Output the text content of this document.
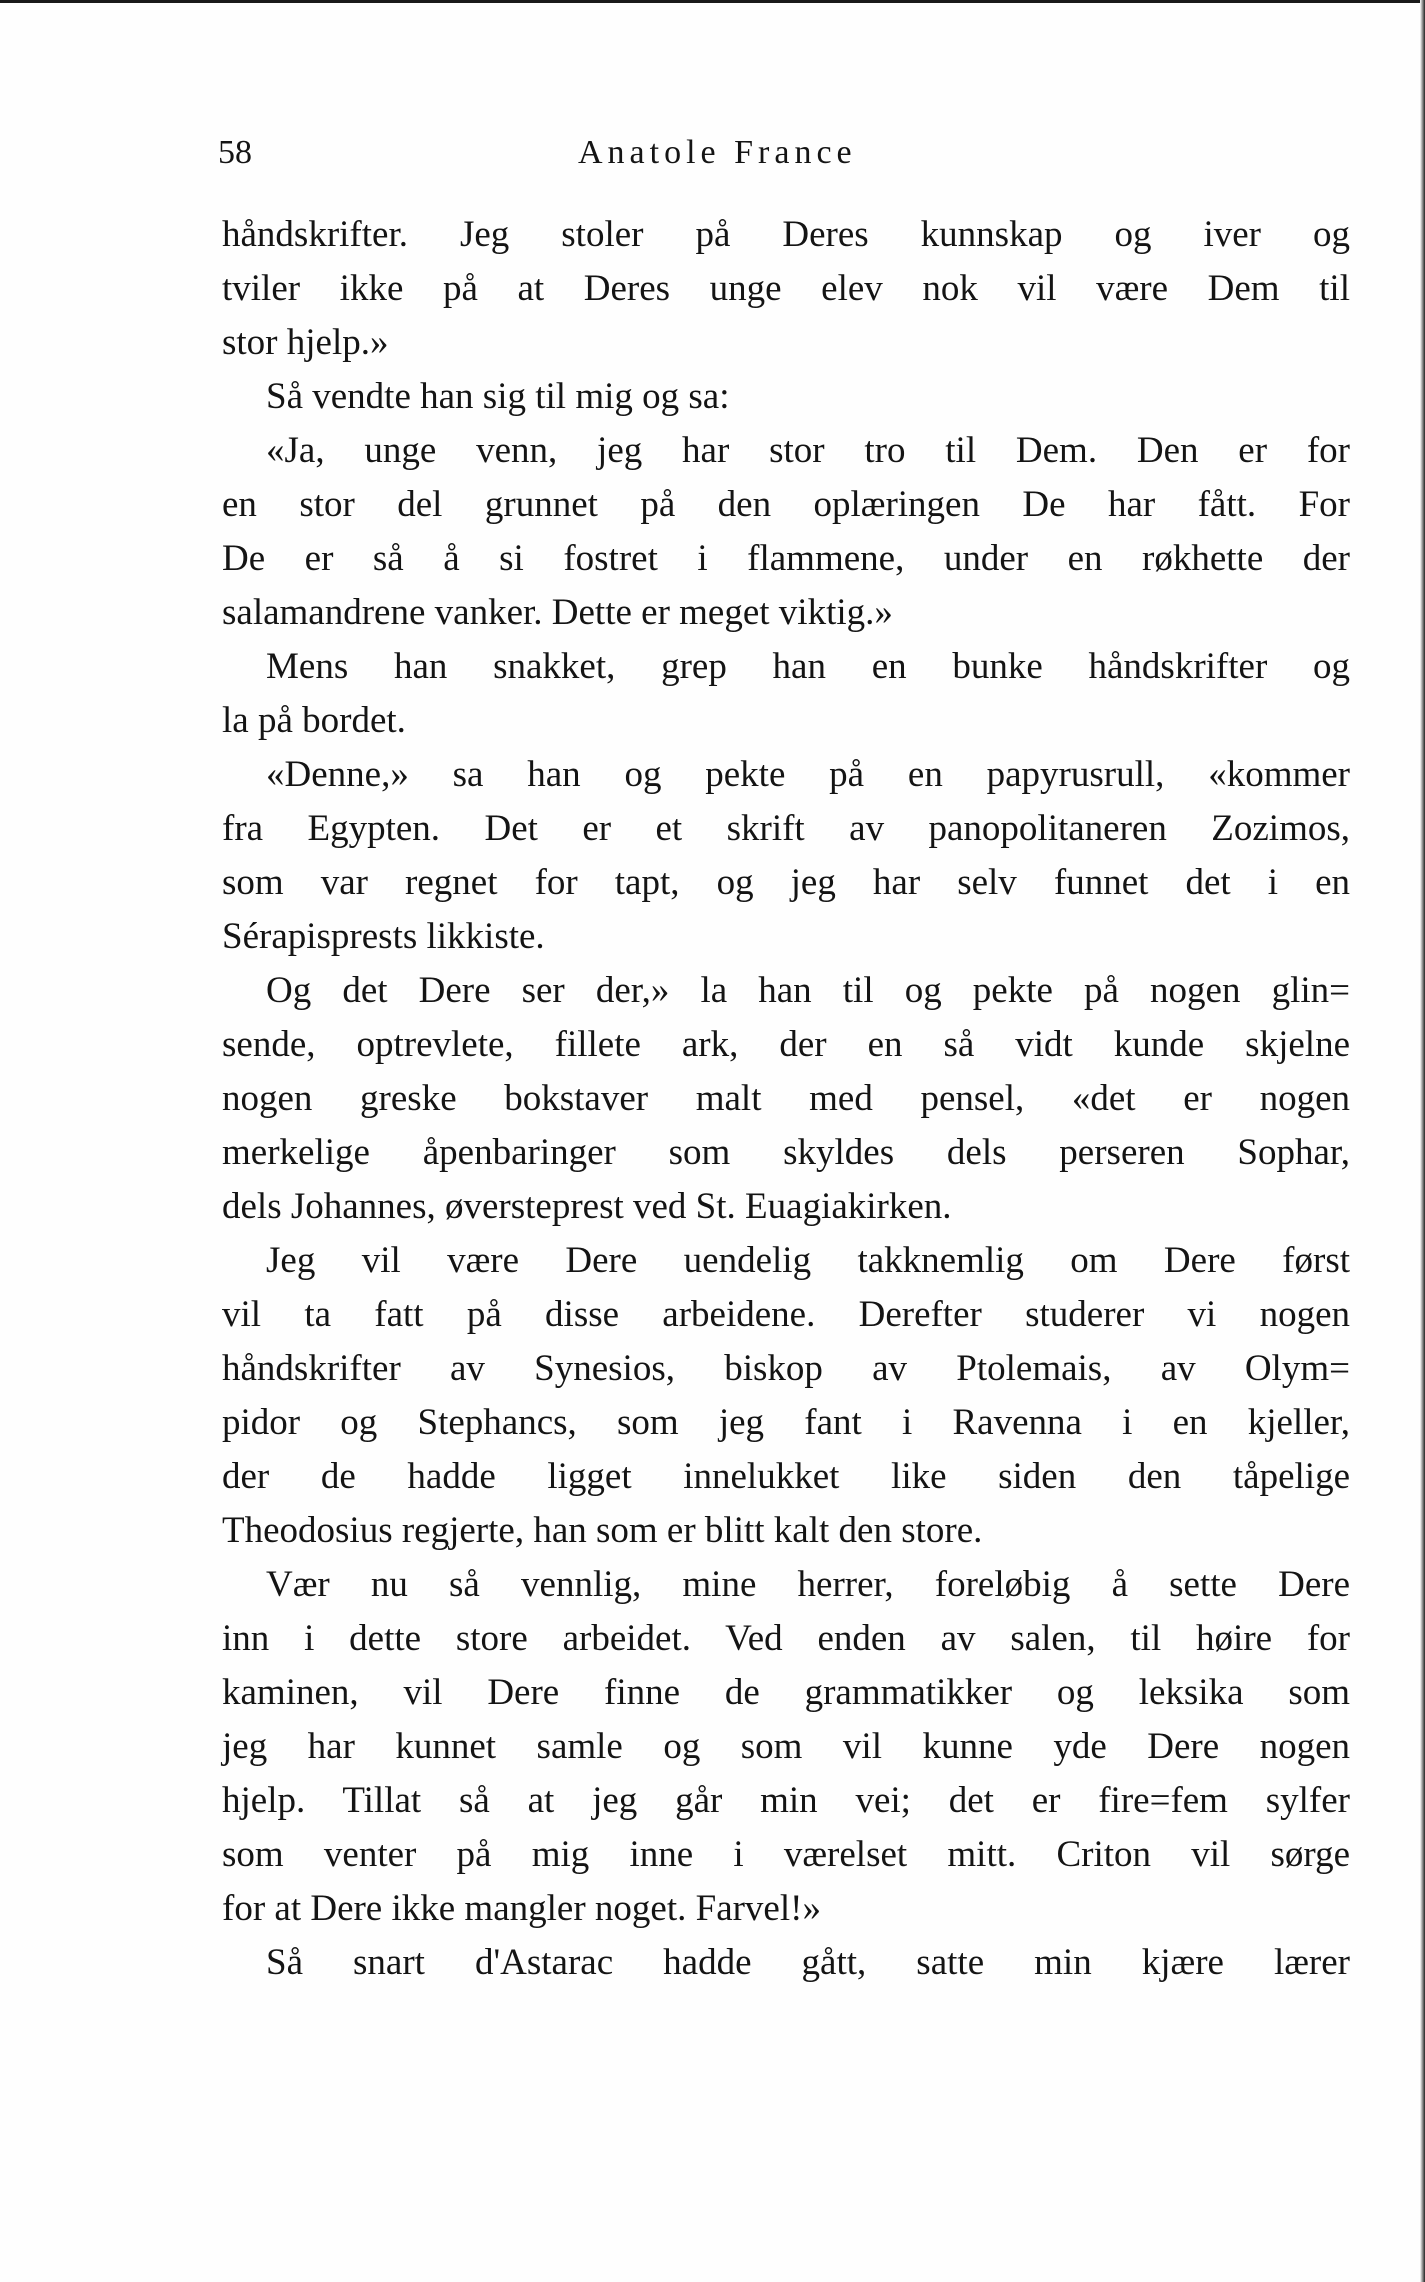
58	Anatole France
håndskrifter. Jeg stoler på Deres kunnskap og iver og
tviler ikke på at Deres unge elev nok vil være Dem til
stor hjelp.»
Så vendte han sig til mig og sa:
«Ja, unge venn, jeg har stor tro til Dem. Den er for
en stor del grunnet på den oplæringen De har fått. For
De er så å si fostret i flammene, under en røkhette der
salamandrene vanker. Dette er meget viktig.»
Mens han snakket, grep han en bunke håndskrifter og
la på bordet.
«Denne,» sa han og pekte på en papyrusrull, «kommer
fra Egypten. Det er et skrift av panopolitaneren Zozimos,
som var regnet for tapt, og jeg har selv funnet det i en
Sérapisprests likkiste.
Og det Dere ser der,» la han til og pekte på nogen glin=
sende, optrevlete, fillete ark, der en så vidt kunde skjelne
nogen greske bokstaver malt med pensel, «det er nogen
merkelige åpenbaringer som skyldes dels perseren Sophar,
dels Johannes, øversteprest ved St. Euagiakirken.
Jeg vil være Dere uendelig takknemlig om Dere først
vil ta fatt på disse arbeidene. Derefter studerer vi nogen
håndskrifter av Synesios, biskop av Ptolemais, av Olym=
pidor og Stephancs, som jeg fant i Ravenna i en kjeller,
der de hadde ligget innelukket like siden den tåpelige
Theodosius regjerte, han som er blitt kalt den store.
Vær nu så vennlig, mine herrer, foreløbig å sette Dere
inn i dette store arbeidet. Ved enden av salen, til høire for
kaminen, vil Dere finne de grammatikker og leksika som
jeg har kunnet samle og som vil kunne yde Dere nogen
hjelp. Tillat så at jeg går min vei; det er fire=fem sylfer
som venter på mig inne i værelset mitt. Criton vil sørge
for at Dere ikke mangler noget. Farvel!»
Så snart d'Astarac hadde gått, satte min kjære lærer
